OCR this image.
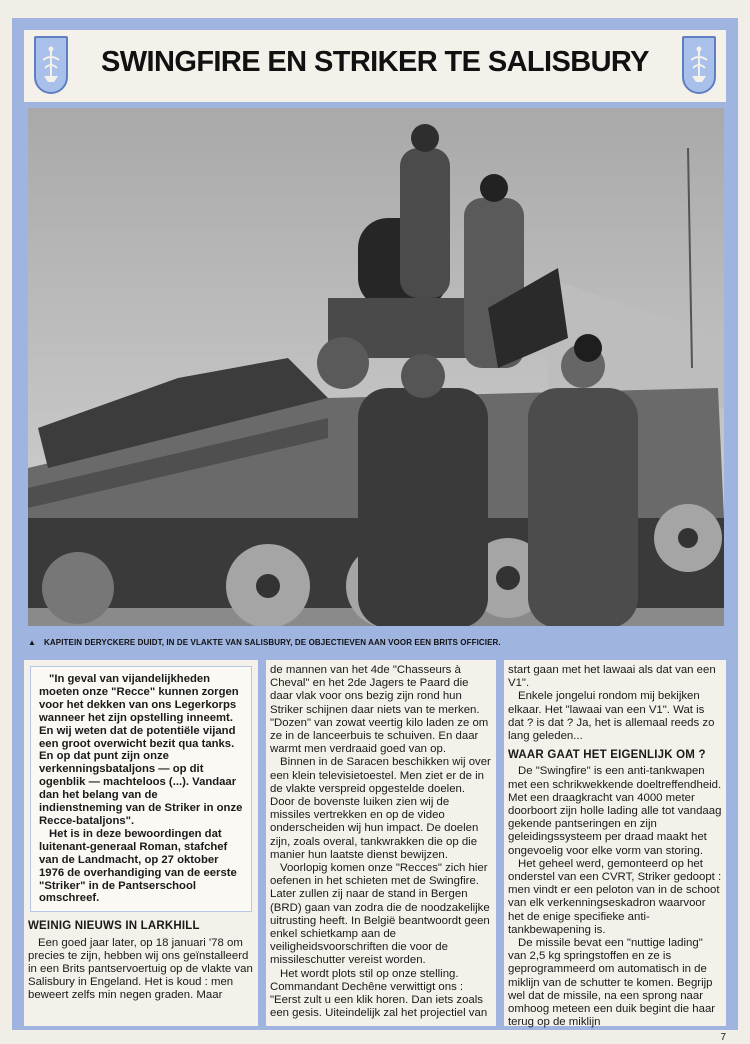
SWINGFIRE EN STRIKER TE SALISBURY
▲ KAPITEIN DERYCKERE DUIDT, IN DE VLAKTE VAN SALISBURY, DE OBJECTIEVEN AAN VOOR EEN BRITS OFFICIER.

"In geval van vijandelijkheden moeten onze "Recce" kunnen zorgen voor het dekken van ons Legerkorps wanneer het zijn opstelling inneemt. En wij weten dat de potentiële vijand een groot overwicht bezit qua tanks. En op dat punt zijn onze verkenningsbataljons — op dit ogenblik — machteloos (...). Vandaar dan het belang van de indienstneming van de Striker in onze Recce-bataljons".

Het is in deze bewoordingen dat luitenant-generaal Roman, stafchef van de Landmacht, op 27 oktober 1976 de overhandiging van de eerste "Striker" in de Pantserschool omschreef.

WEINIG NIEUWS IN LARKHILL

Een goed jaar later, op 18 januari '78 om precies te zijn, hebben wij ons geïnstalleerd in een Brits pantservoertuig op de vlakte van Salisbury in Engeland. Het is koud : men beweert zelfs min negen graden. Maar

de mannen van het 4de "Chasseurs à Cheval" en het 2de Jagers te Paard die daar vlak voor ons bezig zijn rond hun Striker schijnen daar niets van te merken. "Dozen" van zowat veertig kilo laden ze om ze in de lanceerbuis te schuiven. En daar warmt men verdraaid goed van op.

Binnen in de Saracen beschikken wij over een klein televisietoestel. Men ziet er de in de vlakte verspreid opgestelde doelen. Door de bovenste luiken zien wij de missiles vertrekken en op de video onderscheiden wij hun impact. De doelen zijn, zoals overal, tankwrakken die op die manier hun laatste dienst bewijzen.

Voorlopig komen onze "Recces" zich hier oefenen in het schieten met de Swingfire. Later zullen zij naar de stand in Bergen (BRD) gaan van zodra die de noodzakelijke uitrusting heeft. In België beantwoordt geen enkel schietkamp aan de veiligheidsvoorschriften die voor de missileschutter vereist worden.

Het wordt plots stil op onze stelling. Commandant Dechêne verwittigt ons : "Eerst zult u een klik horen. Dan iets zoals een gesis. Uiteindelijk zal het projectiel van

start gaan met het lawaai als dat van een V1".

Enkele jongelui rondom mij bekijken elkaar. Het "lawaai van een V1". Wat is dat ? is dat ? Ja, het is allemaal reeds zo lang geleden...

WAAR GAAT HET EIGENLIJK OM ?

De "Swingfire" is een anti-tankwapen met een schrikwekkende doeltreffendheid. Met een draagkracht van 4000 meter doorboort zijn holle lading alle tot vandaag gekende pantseringen en zijn geleidingssysteem per draad maakt het ongevoelig voor elke vorm van storing.

Het geheel werd, gemonteerd op het onderstel van een CVRT, Striker gedoopt : men vindt er een peloton van in de schoot van elk verkenningseskadron waarvoor het de enige specifieke anti-tankbewapening is.

De missile bevat een "nuttige lading" van 2,5 kg springstoffen en ze is geprogrammeerd om automatisch in de miklijn van de schutter te komen. Begrijp wel dat de missile, na een sprong naar omhoog meteen een duik begint die haar terug op de miklijn

7
